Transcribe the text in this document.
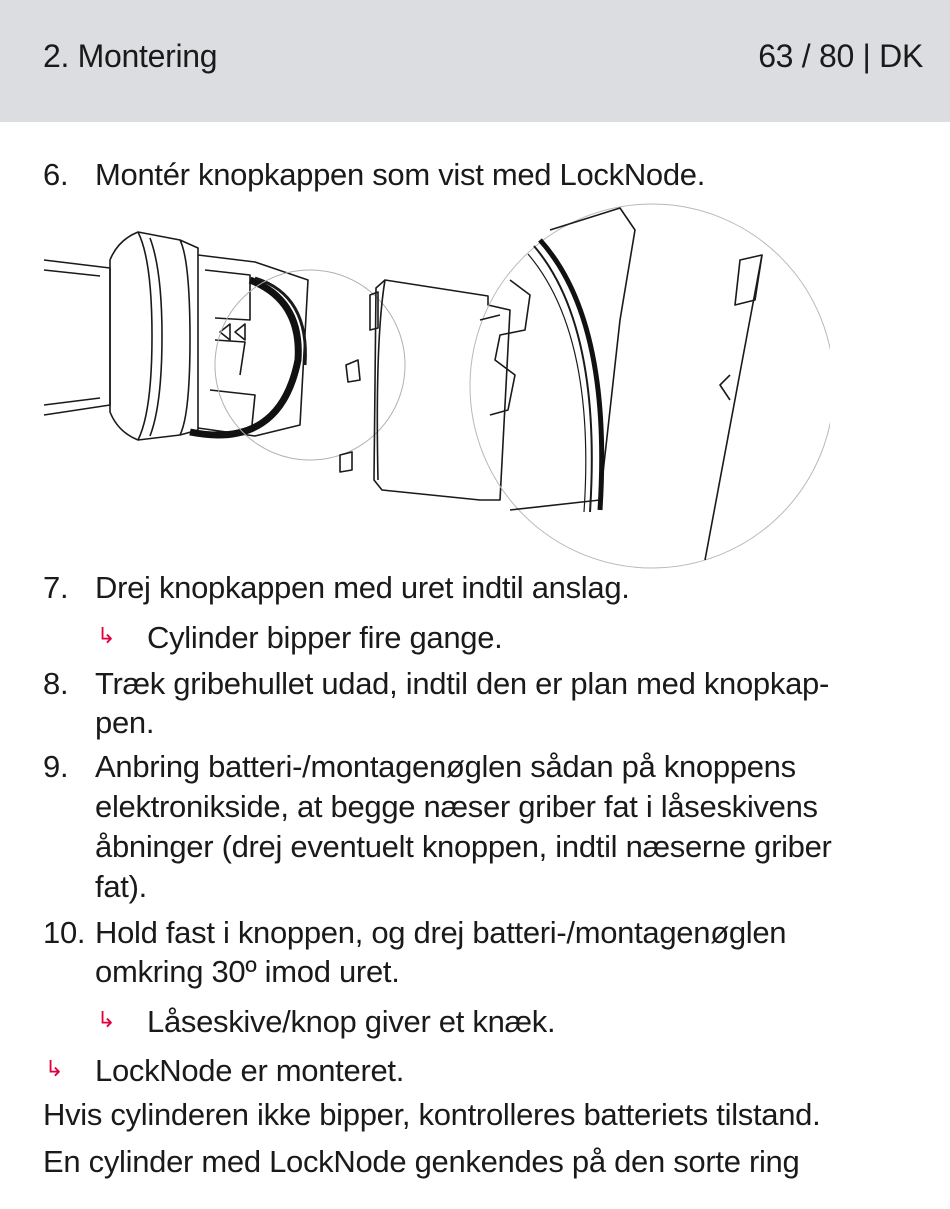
2. Montering	63 / 80 | DK
6. Montér knopkappen som vist med LockNode.
7. Drej knopkappen med uret indtil anslag.
↳ Cylinder bipper fire gange.
8. Træk gribehullet udad, indtil den er plan med knopkap-
pen.
9. Anbring batteri-/montagenøglen sådan på knoppens
elektronikside, at begge næser griber fat i låseskivens
åbninger (drej eventuelt knoppen, indtil næserne griber
fat).
10. Hold fast i knoppen, og drej batteri-/montagenøglen
omkring 30º imod uret.
↳ Låseskive/knop giver et knæk.
↳ LockNode er monteret.
Hvis cylinderen ikke bipper, kontrolleres batteriets tilstand.
En cylinder med LockNode genkendes på den sorte ring
